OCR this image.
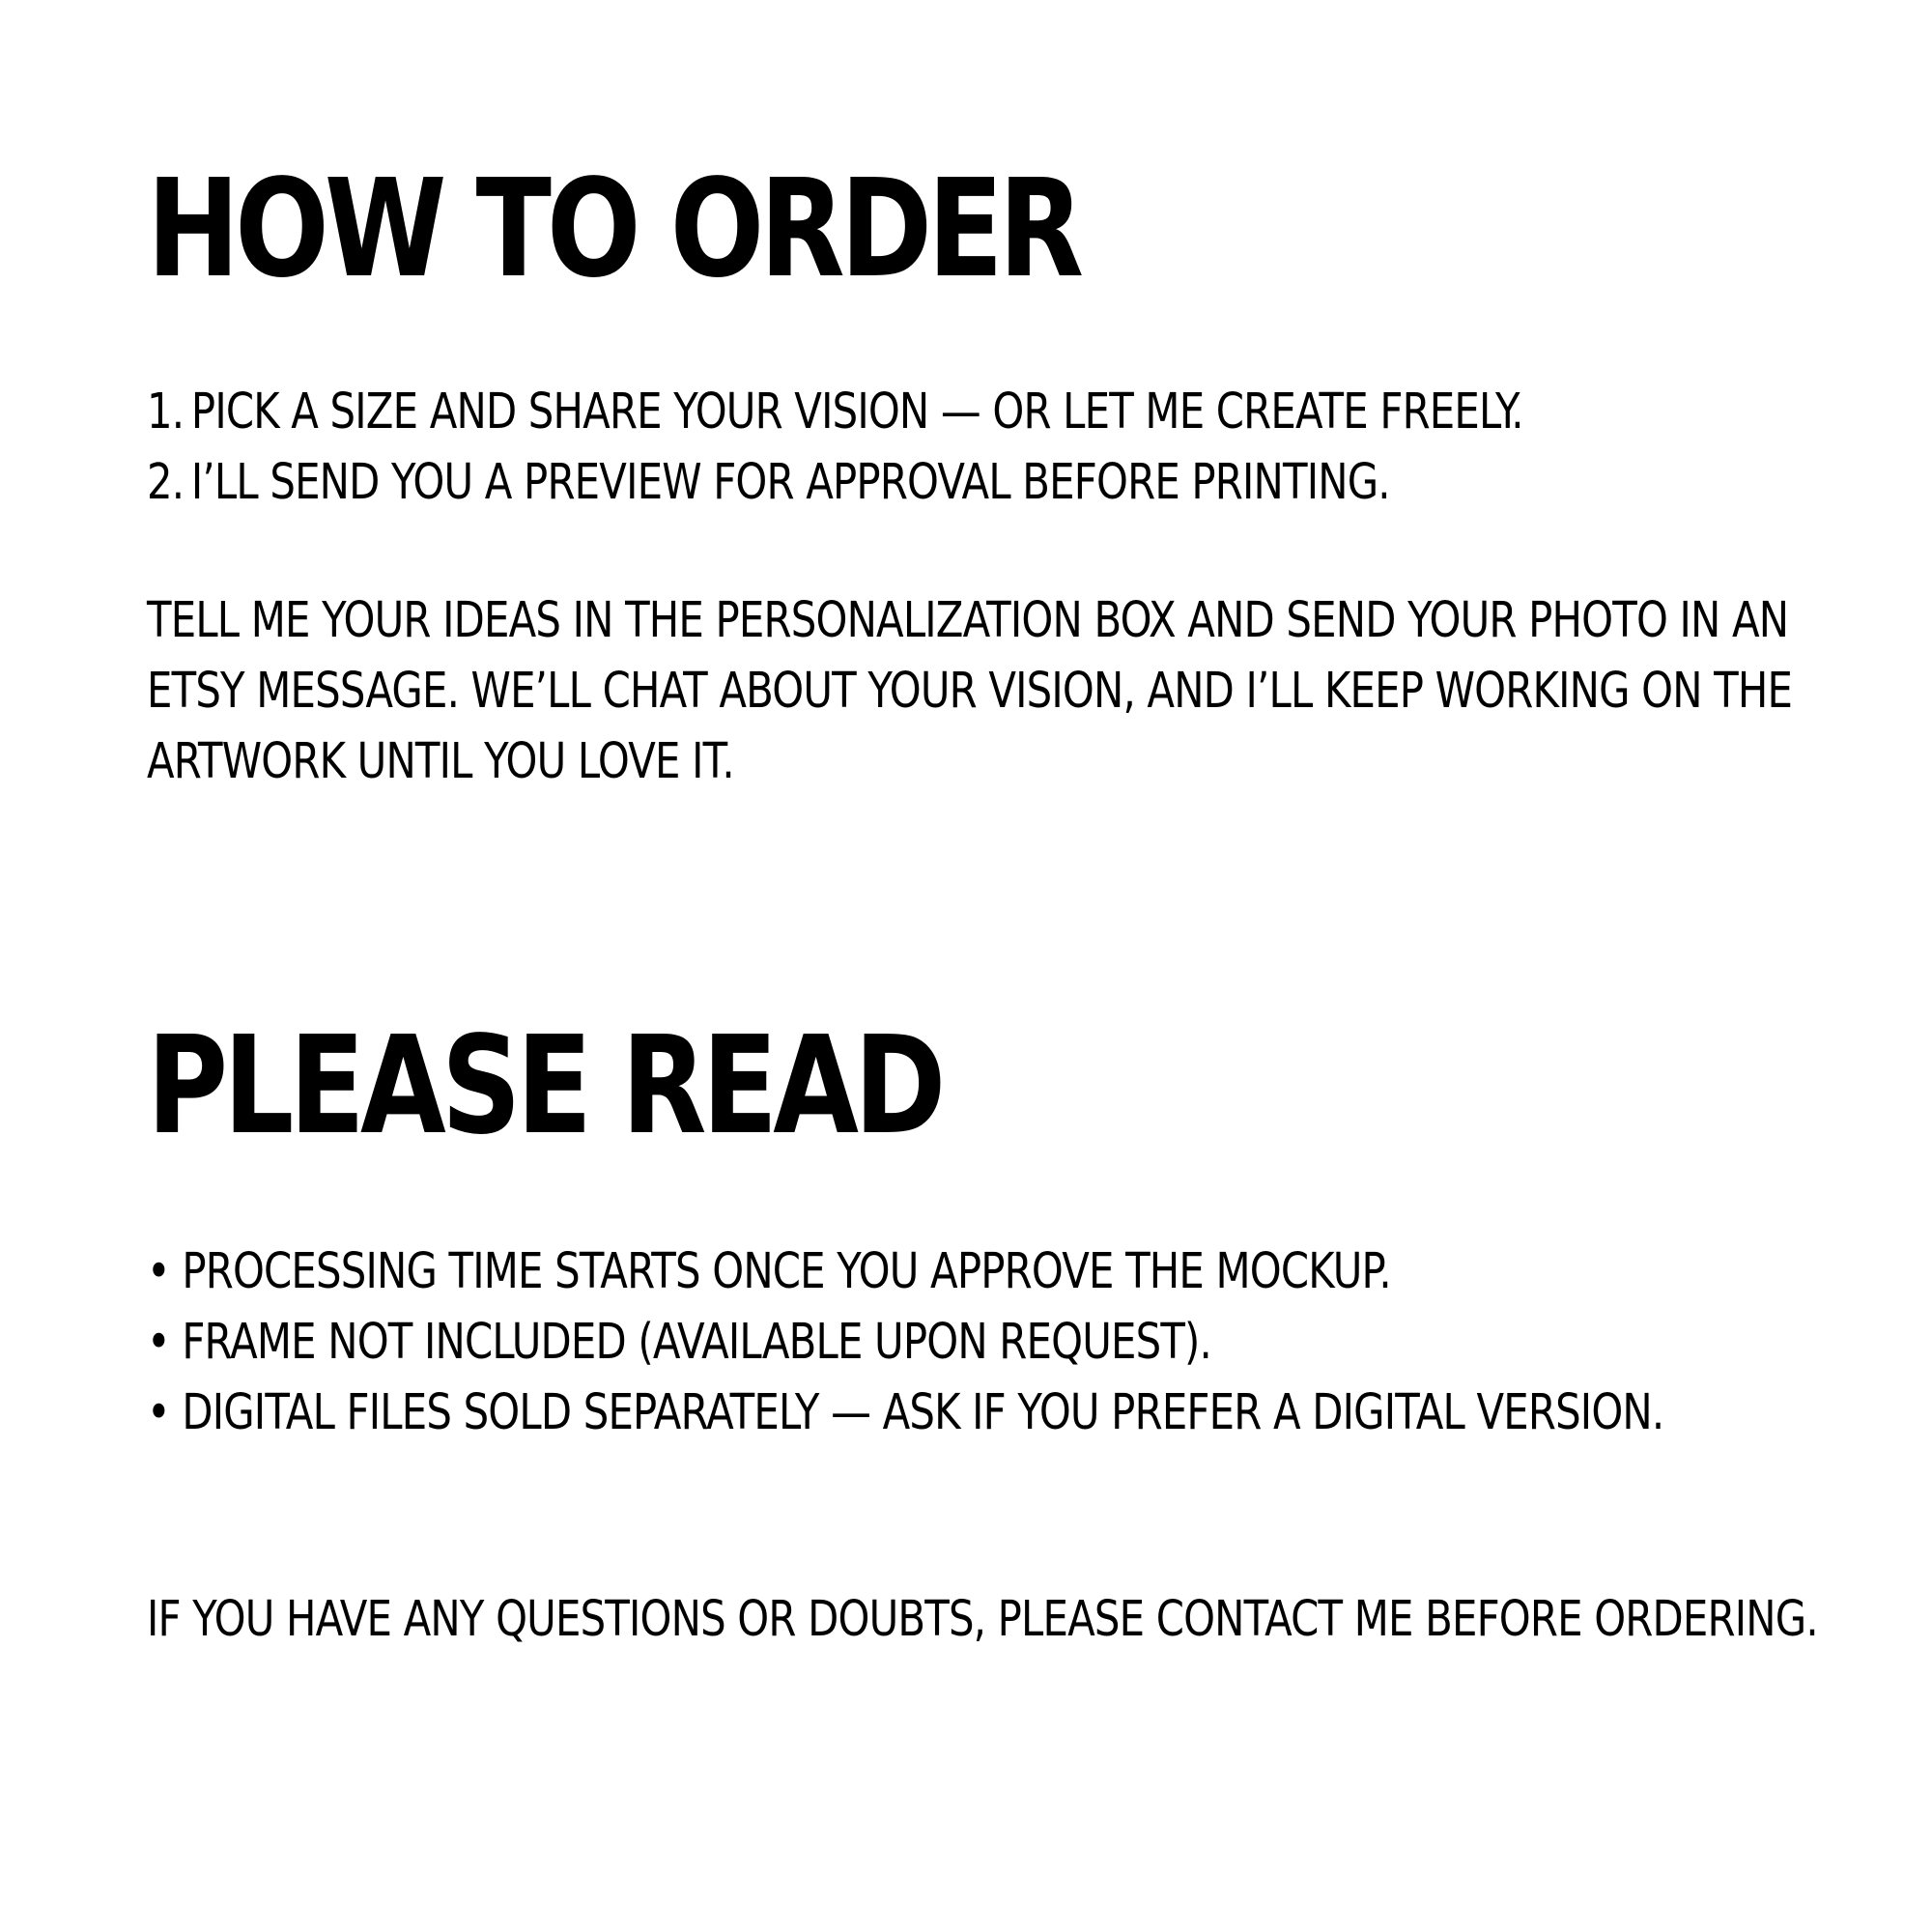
HOW TO ORDER
1. PICK A SIZE AND SHARE YOUR VISION — OR LET ME CREATE FREELY.
2. I’LL SEND YOU A PREVIEW FOR APPROVAL BEFORE PRINTING.
TELL ME YOUR IDEAS IN THE PERSONALIZATION BOX AND SEND YOUR PHOTO IN AN
ETSY MESSAGE. WE’LL CHAT ABOUT YOUR VISION, AND I’LL KEEP WORKING ON THE
ARTWORK UNTIL YOU LOVE IT.
PLEASE READ
• PROCESSING TIME STARTS ONCE YOU APPROVE THE MOCKUP.
• FRAME NOT INCLUDED (AVAILABLE UPON REQUEST).
• DIGITAL FILES SOLD SEPARATELY — ASK IF YOU PREFER A DIGITAL VERSION.

IF YOU HAVE ANY QUESTIONS OR DOUBTS, PLEASE CONTACT ME BEFORE ORDERING.
